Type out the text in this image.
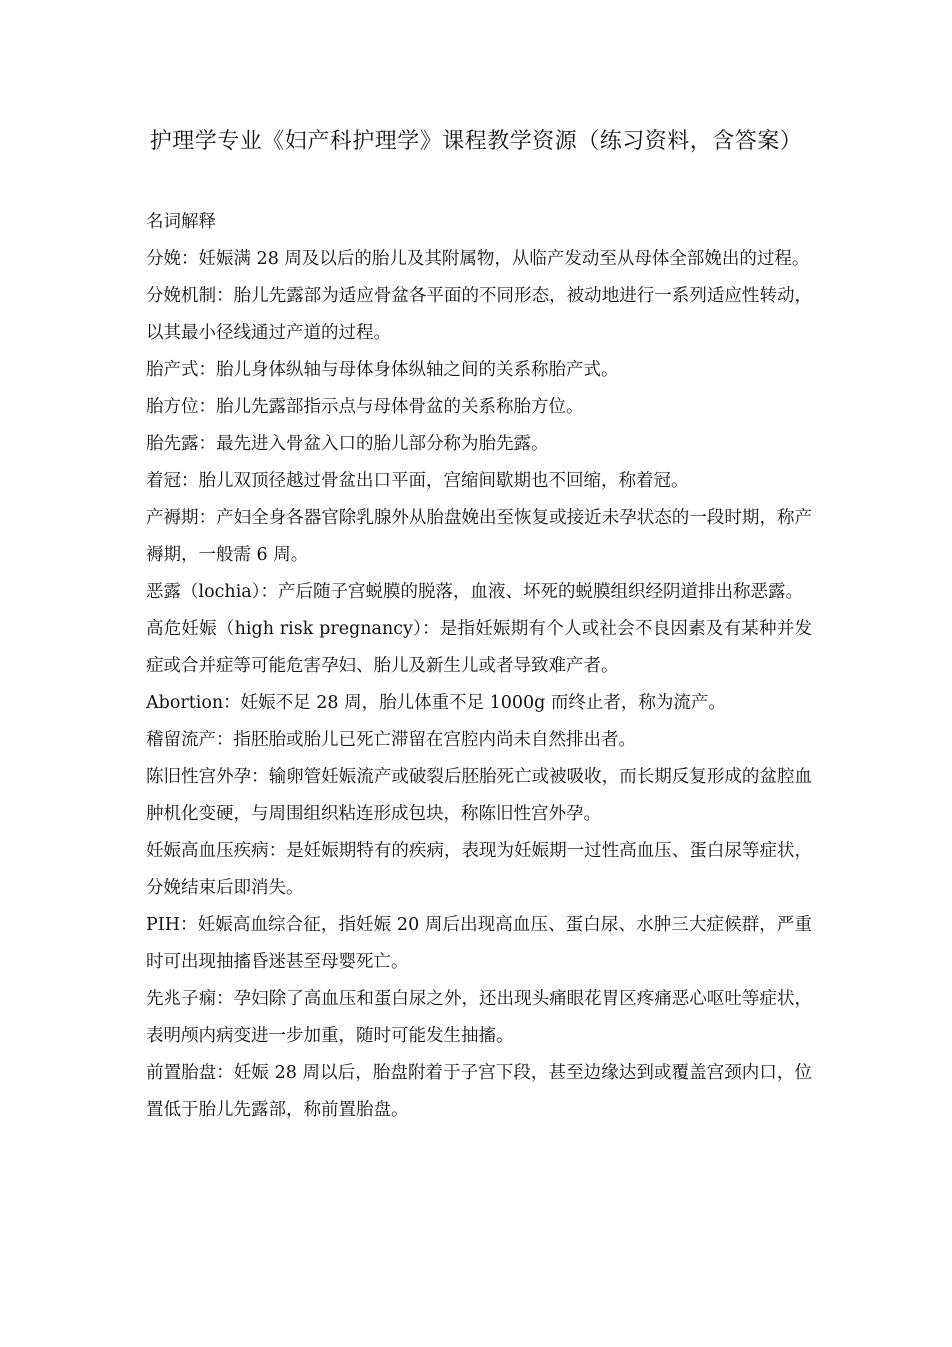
护理学专业《妇产科护理学》课程教学资源（练习资料，含答案）

名词解释

分娩：妊娠满 28 周及以后的胎儿及其附属物，从临产发动至从母体全部娩出的过程。

分娩机制：胎儿先露部为适应骨盆各平面的不同形态，被动地进行一系列适应性转动，以其最小径线通过产道的过程。

胎产式：胎儿身体纵轴与母体身体纵轴之间的关系称胎产式。

胎方位：胎儿先露部指示点与母体骨盆的关系称胎方位。

胎先露：最先进入骨盆入口的胎儿部分称为胎先露。

着冠：胎儿双顶径越过骨盆出口平面，宫缩间歇期也不回缩，称着冠。

产褥期：产妇全身各器官除乳腺外从胎盘娩出至恢复或接近未孕状态的一段时期，称产褥期，一般需 6 周。

恶露（lochia）：产后随子宫蜕膜的脱落，血液、坏死的蜕膜组织经阴道排出称恶露。

高危妊娠（high risk pregnancy）：是指妊娠期有个人或社会不良因素及有某种并发症或合并症等可能危害孕妇、胎儿及新生儿或者导致难产者。

Abortion：妊娠不足 28 周，胎儿体重不足 1000g 而终止者，称为流产。

稽留流产：指胚胎或胎儿已死亡滞留在宫腔内尚未自然排出者。

陈旧性宫外孕：输卵管妊娠流产或破裂后胚胎死亡或被吸收，而长期反复形成的盆腔血肿机化变硬，与周围组织粘连形成包块，称陈旧性宫外孕。

妊娠高血压疾病：是妊娠期特有的疾病，表现为妊娠期一过性高血压、蛋白尿等症状，分娩结束后即消失。

PIH：妊娠高血综合征，指妊娠 20 周后出现高血压、蛋白尿、水肿三大症候群，严重时可出现抽搐昏迷甚至母婴死亡。

先兆子痫：孕妇除了高血压和蛋白尿之外，还出现头痛眼花胃区疼痛恶心呕吐等症状，表明颅内病变进一步加重，随时可能发生抽搐。

前置胎盘：妊娠 28 周以后，胎盘附着于子宫下段，甚至边缘达到或覆盖宫颈内口，位置低于胎儿先露部，称前置胎盘。
